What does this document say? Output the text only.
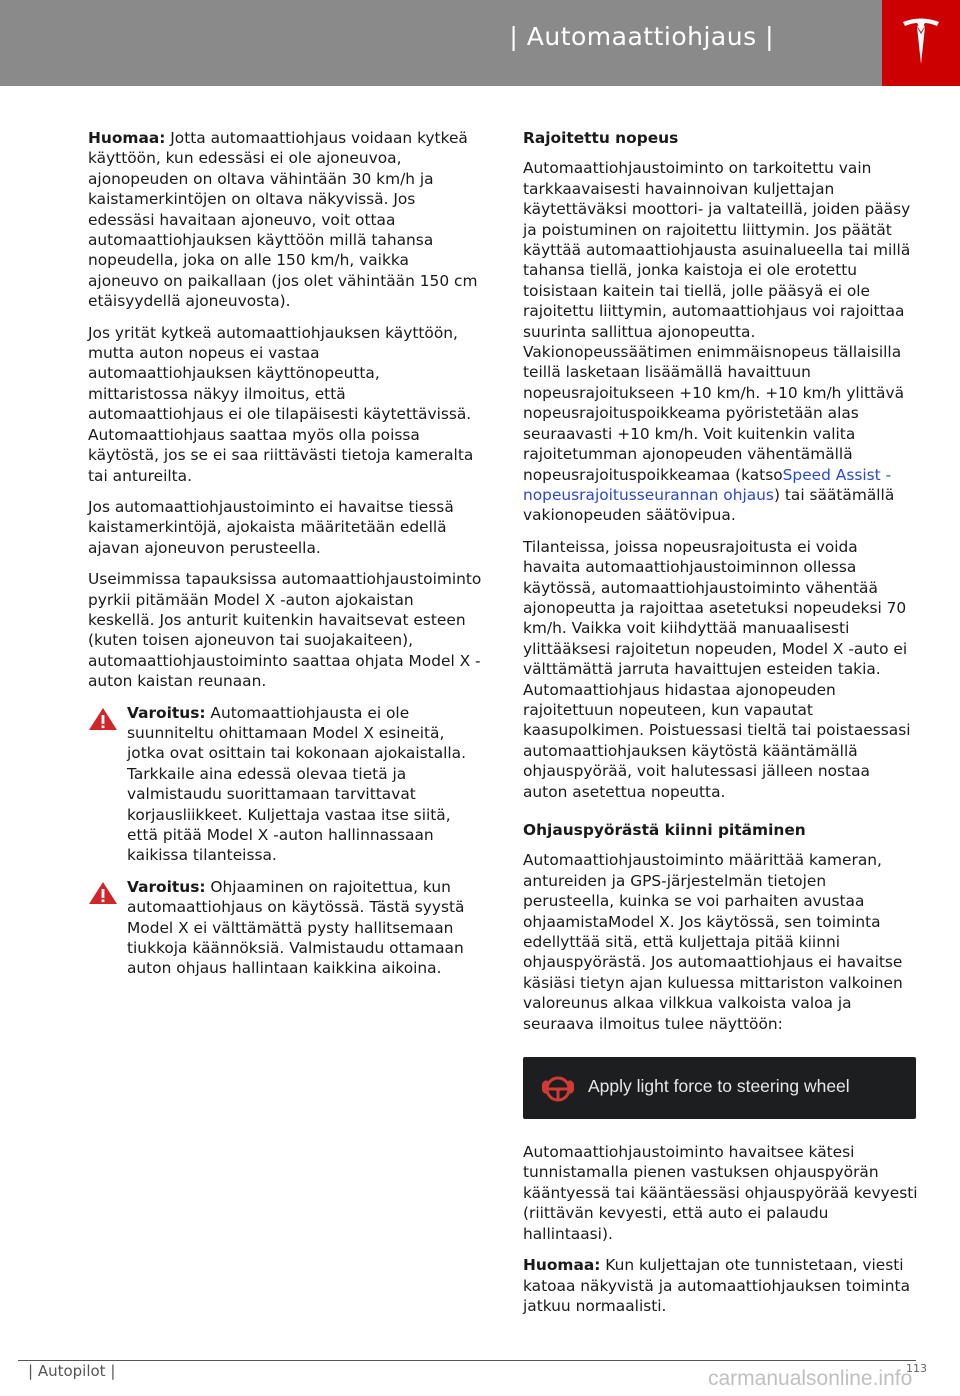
| Automaattiohjaus |

Huomaa: Jotta automaattiohjaus voidaan kytkeä käyttöön, kun edessäsi ei ole ajoneuvoa, ajonopeuden on oltava vähintään 30 km/h ja kaistamerkintöjen on oltava näkyvissä. Jos edessäsi havaitaan ajoneuvo, voit ottaa automaattiohjauksen käyttöön millä tahansa nopeudella, joka on alle 150 km/h, vaikka ajoneuvo on paikallaan (jos olet vähintään 150 cm etäisyydellä ajoneuvosta).

Jos yrität kytkeä automaattiohjauksen käyttöön, mutta auton nopeus ei vastaa automaattiohjauksen käyttönopeutta, mittaristossa näkyy ilmoitus, että automaattiohjaus ei ole tilapäisesti käytettävissä. Automaattiohjaus saattaa myös olla poissa käytöstä, jos se ei saa riittävästi tietoja kameralta tai antureilta.

Jos automaattiohjaustoiminto ei havaitse tiessä kaistamerkintöjä, ajokaista määritetään edellä ajavan ajoneuvon perusteella.

Useimmissa tapauksissa automaattiohjaustoiminto pyrkii pitämään Model X -auton ajokaistan keskellä. Jos anturit kuitenkin havaitsevat esteen (kuten toisen ajoneuvon tai suojakaiteen), automaattiohjaustoiminto saattaa ohjata Model X -auton kaistan reunaan.

Varoitus: Automaattiohjausta ei ole suunniteltu ohittamaan Model X esineitä, jotka ovat osittain tai kokonaan ajokaistalla. Tarkkaile aina edessä olevaa tietä ja valmistaudu suorittamaan tarvittavat korjausliikkeet. Kuljettaja vastaa itse siitä, että pitää Model X -auton hallinnassaan kaikissa tilanteissa.
Varoitus: Ohjaaminen on rajoitettua, kun automaattiohjaus on käytössä. Tästä syystä Model X ei välttämättä pysty hallitsemaan tiukkoja käännöksiä. Valmistaudu ottamaan auton ohjaus hallintaan kaikkina aikoina.
Rajoitettu nopeus

Automaattiohjaustoiminto on tarkoitettu vain tarkkaavaisesti havainnoivan kuljettajan käytettäväksi moottori- ja valtateillä, joiden pääsy ja poistuminen on rajoitettu liittymin. Jos päätät käyttää automaattiohjausta asuinalueella tai millä tahansa tiellä, jonka kaistoja ei ole erotettu toisistaan kaitein tai tiellä, jolle pääsyä ei ole rajoitettu liittymin, automaattiohjaus voi rajoittaa suurinta sallittua ajonopeutta. Vakionopeussäätimen enimmäisnopeus tällaisilla teillä lasketaan lisäämällä havaittuun nopeusrajoitukseen +10 km/h. +10 km/h ylittävä nopeusrajoituspoikkeama pyöristetään alas seuraavasti +10 km/h. Voit kuitenkin valita rajoitetumman ajonopeuden vähentämällä nopeusrajoituspoikkeamaa (katsoSpeed Assist -nopeusrajoitusseurannan ohjaus) tai säätämällä vakionopeuden säätövipua.

Tilanteissa, joissa nopeusrajoitusta ei voida havaita automaattiohjaustoiminnon ollessa käytössä, automaattiohjaustoiminto vähentää ajonopeutta ja rajoittaa asetetuksi nopeudeksi 70 km/h. Vaikka voit kiihdyttää manuaalisesti ylittääksesi rajoitetun nopeuden, Model X -auto ei välttämättä jarruta havaittujen esteiden takia. Automaattiohjaus hidastaa ajonopeuden rajoitettuun nopeuteen, kun vapautat kaasupolkimen. Poistuessasi tieltä tai poistaessasi automaattiohjauksen käytöstä kääntämällä ohjauspyörää, voit halutessasi jälleen nostaa auton asetettua nopeutta.

Ohjauspyörästä kiinni pitäminen

Automaattiohjaustoiminto määrittää kameran, antureiden ja GPS-järjestelmän tietojen perusteella, kuinka se voi parhaiten avustaa ohjaamistaModel X. Jos käytössä, sen toiminta edellyttää sitä, että kuljettaja pitää kiinni ohjauspyörästä. Jos automaattiohjaus ei havaitse käsiäsi tietyn ajan kuluessa mittariston valkoinen valoreunus alkaa vilkkua valkoista valoa ja seuraava ilmoitus tulee näyttöön:

Apply light force to steering wheel

Automaattiohjaustoiminto havaitsee kätesi tunnistamalla pienen vastuksen ohjauspyörän kääntyessä tai kääntäessäsi ohjauspyörää kevyesti (riittävän kevyesti, että auto ei palaudu hallintaasi).

Huomaa: Kun kuljettajan ote tunnistetaan, viesti katoaa näkyvistä ja automaattiohjauksen toiminta jatkuu normaalisti.

| Autopilot |	carmanualsonline.info
113
